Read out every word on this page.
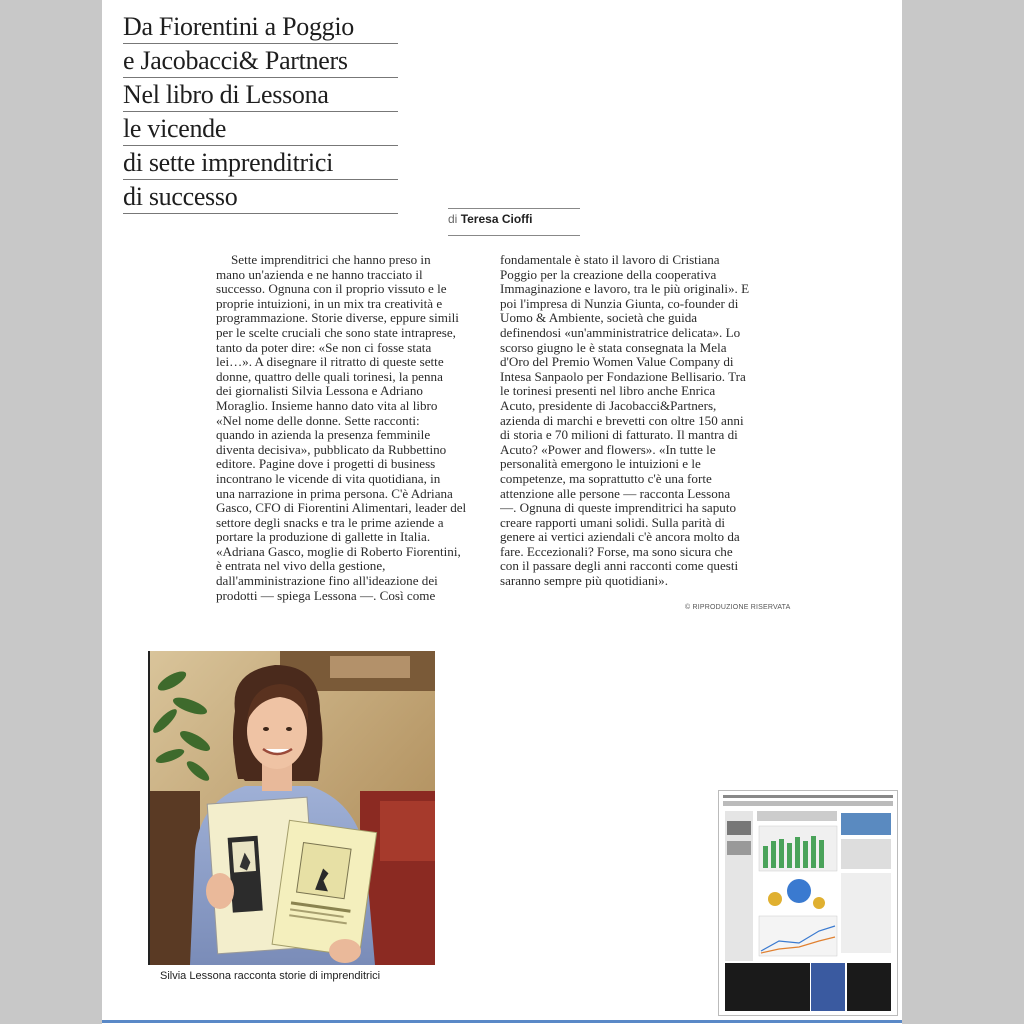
Da Fiorentini a Poggio
e Jacobacci& Partners
Nel libro di Lessona
le vicende
di sette imprenditrici
di successo
di Teresa Cioffi
Sette imprenditrici che hanno preso in
mano un'azienda e ne hanno tracciato il
successo. Ognuna con il proprio vissuto e le
proprie intuizioni, in un mix tra creatività e
programmazione. Storie diverse, eppure simili
per le scelte cruciali che sono state intraprese,
tanto da poter dire: «Se non ci fosse stata
lei…». A disegnare il ritratto di queste sette
donne, quattro delle quali torinesi, la penna
dei giornalisti Silvia Lessona e Adriano
Moraglio. Insieme hanno dato vita al libro
«Nel nome delle donne. Sette racconti:
quando in azienda la presenza femminile
diventa decisiva», pubblicato da Rubbettino
editore. Pagine dove i progetti di business
incontrano le vicende di vita quotidiana, in
una narrazione in prima persona. C'è Adriana
Gasco, CFO di Fiorentini Alimentari, leader del
settore degli snacks e tra le prime aziende a
portare la produzione di gallette in Italia.
«Adriana Gasco, moglie di Roberto Fiorentini,
è entrata nel vivo della gestione,
dall'amministrazione fino all'ideazione dei
prodotti — spiega Lessona —. Così come
fondamentale è stato il lavoro di Cristiana
Poggio per la creazione della cooperativa
Immaginazione e lavoro, tra le più originali». E
poi l'impresa di Nunzia Giunta, co-founder di
Uomo & Ambiente, società che guida
definendosi «un'amministratrice delicata». Lo
scorso giugno le è stata consegnata la Mela
d'Oro del Premio Women Value Company di
Intesa Sanpaolo per Fondazione Bellisario. Tra
le torinesi presenti nel libro anche Enrica
Acuto, presidente di Jacobacci&Partners,
azienda di marchi e brevetti con oltre 150 anni
di storia e 70 milioni di fatturato. Il mantra di
Acuto? «Power and flowers». «In tutte le
personalità emergono le intuizioni e le
competenze, ma soprattutto c'è una forte
attenzione alle persone — racconta Lessona
—. Ognuna di queste imprenditrici ha saputo
creare rapporti umani solidi. Sulla parità di
genere ai vertici aziendali c'è ancora molto da
fare. Eccezionali? Forse, ma sono sicura che
con il passare degli anni racconti come questi
saranno sempre più quotidiani».
© RIPRODUZIONE RISERVATA
Silvia Lessona racconta storie di imprenditrici
